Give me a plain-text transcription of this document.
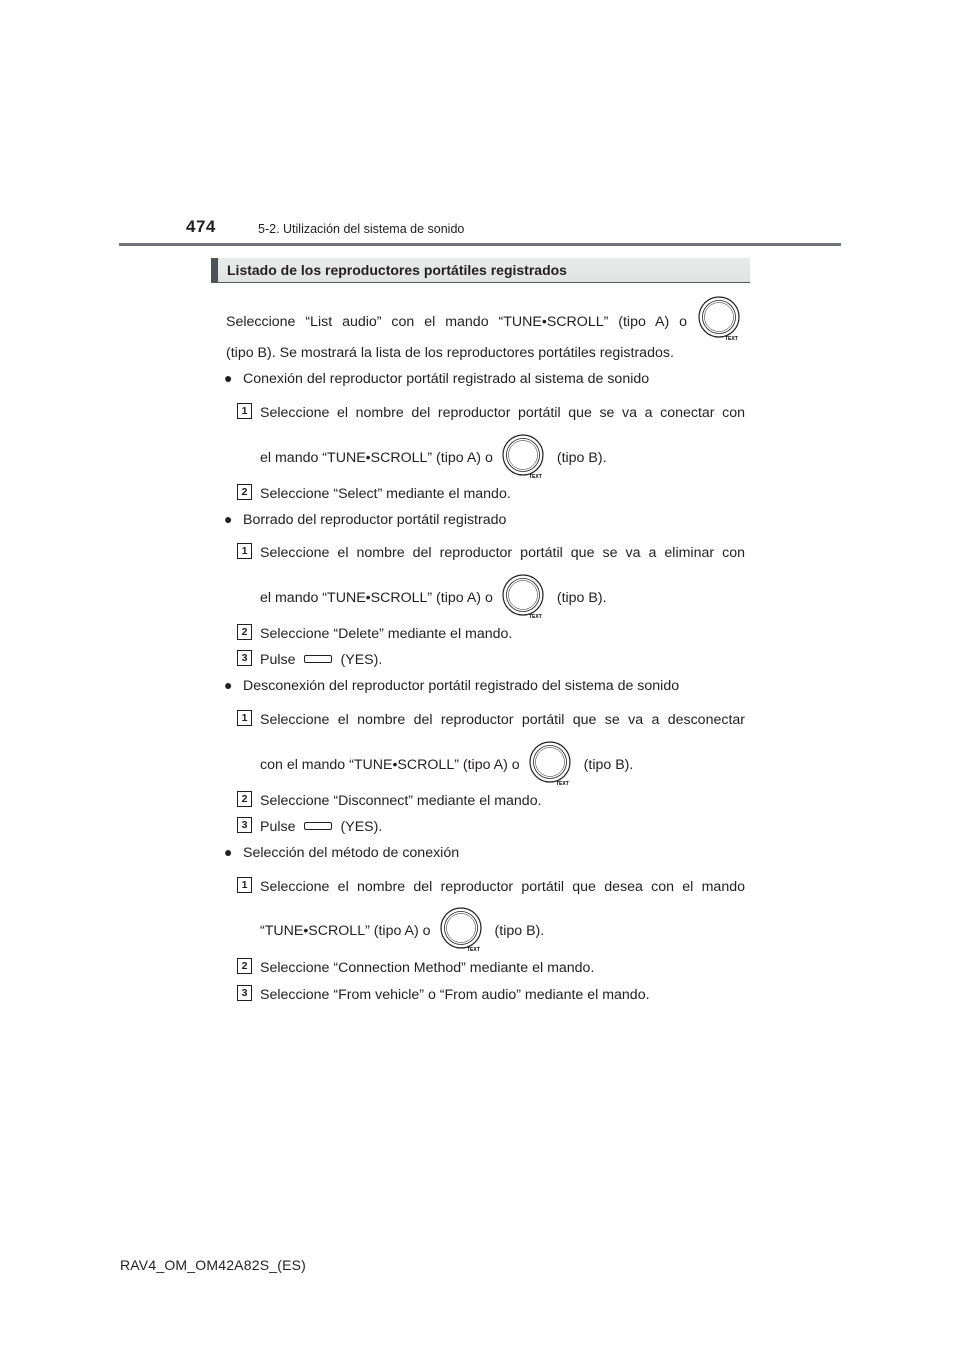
474	5-2. Utilización del sistema de sonido
Listado de los reproductores portátiles registrados
Seleccione “List audio” con el mando “TUNE•SCROLL” (tipo A) o
TEXT
(tipo B). Se mostrará la lista de los reproductores portátiles registrados.
● Conexión del reproductor portátil registrado al sistema de sonido
1 Seleccione el nombre del reproductor portátil que se va a conectar con
el mando “TUNE•SCROLL” (tipo A) o
TEXT
(tipo B).
2 Seleccione “Select” mediante el mando.
● Borrado del reproductor portátil registrado
1 Seleccione el nombre del reproductor portátil que se va a eliminar con
el mando “TUNE•SCROLL” (tipo A) o
TEXT
(tipo B).
2 Seleccione “Delete” mediante el mando.
3 Pulse	(YES).
● Desconexión del reproductor portátil registrado del sistema de sonido
1 Seleccione el nombre del reproductor portátil que se va a desconectar
con el mando “TUNE•SCROLL” (tipo A) o
TEXT
(tipo B).
2 Seleccione “Disconnect” mediante el mando.
3 Pulse	(YES).
● Selección del método de conexión
1 Seleccione el nombre del reproductor portátil que desea con el mando
“TUNE•SCROLL” (tipo A) o
TEXT
(tipo B).
2 Seleccione “Connection Method” mediante el mando.
3 Seleccione “From vehicle” o “From audio” mediante el mando.
RAV4_OM_OM42A82S_(ES)
